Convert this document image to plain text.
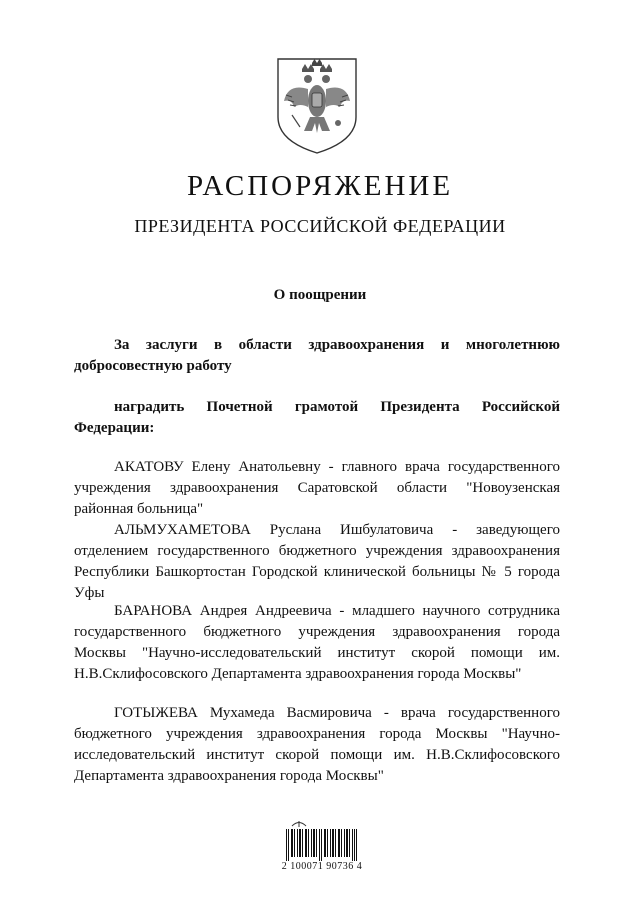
РАСПОРЯЖЕНИЕ
ПРЕЗИДЕНТА РОССИЙСКОЙ ФЕДЕРАЦИИ
О поощрении
За заслуги в области здравоохранения и многолетнюю добросовестную работу
наградить Почетной грамотой Президента Российской Федерации:
АКАТОВУ Елену Анатольевну - главного врача государственного учреждения здравоохранения Саратовской области "Новоузенская районная больница"
АЛЬМУХАМЕТОВА Руслана Ишбулатовича - заведующего отделением государственного бюджетного учреждения здравоохранения Республики Башкортостан Городской клинической больницы № 5 города Уфы
БАРАНОВА Андрея Андреевича - младшего научного сотрудника государственного бюджетного учреждения здравоохранения города Москвы "Научно-исследовательский институт скорой помощи им. Н.В.Склифосовского Департамента здравоохранения города Москвы"
ГОТЫЖЕВА Мухамеда Васмировича - врача государственного бюджетного учреждения здравоохранения города Москвы "Научно-исследовательский институт скорой помощи им. Н.В.Склифосовского Департамента здравоохранения города Москвы"
2 100071 90736 4
